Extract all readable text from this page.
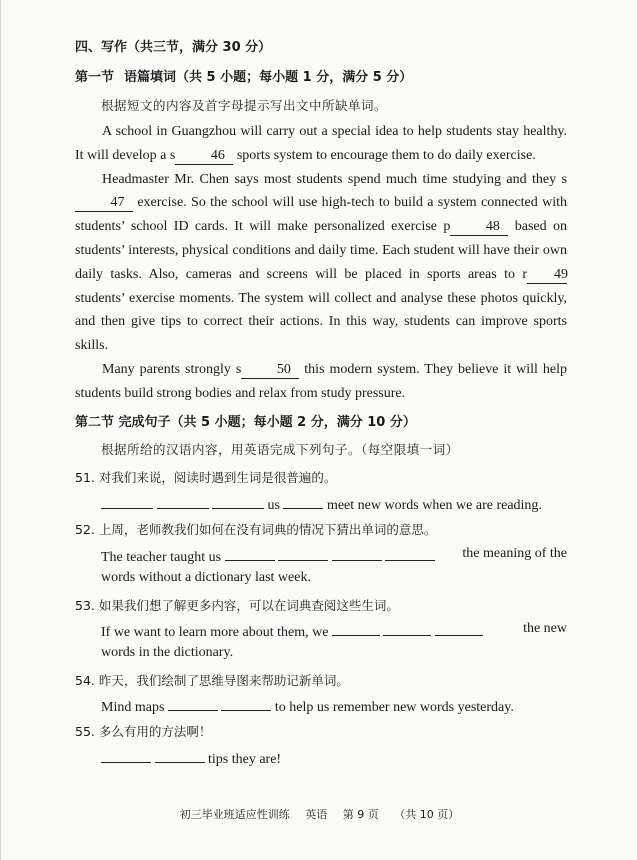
四、写作（共三节，满分 30 分）
第一节 语篇填词（共 5 小题；每小题 1 分，满分 5 分）
根据短文的内容及首字母提示写出文中所缺单词。

A school in Guangzhou will carry out a special idea to help students stay healthy. It will develop a s	46 sports system to encourage them to do daily exercise.

Headmaster Mr. Chen says most students spend much time studying and they s47 exercise. So the school will use high-tech to build a system connected with students’ school ID cards. It will make personalized exercise p	48 based on students’ interests, physical conditions and daily time. Each student will have their own daily tasks. Also, cameras and screens will be placed in sports areas to r 49 students’ exercise moments. The system will collect and analyse these photos quickly, and then give tips to correct their actions. In this way, students can improve sports skills.

Many parents strongly s	50 this modern system. They believe it will help students build strong bodies and relax from study pressure.

第二节 完成句子（共 5 小题；每小题 2 分，满分 10 分）
根据所给的汉语内容，用英语完成下列句子。（每空限填一词）
51. 对我们来说，阅读时遇到生词是很普遍的。
us	meet new words when we are reading.
52. 上周，老师教我们如何在没有词典的情况下猜出单词的意思。
The teacher taught us	the meaning of the
words without a dictionary last week.
53. 如果我们想了解更多内容，可以在词典查阅这些生词。
If we want to learn more about them, we	the new
words in the dictionary.
54. 昨天，我们绘制了思维导图来帮助记新单词。
Mind maps	to help us remember new words yesterday.
55. 多么有用的方法啊！
tips they are!
初三毕业班适应性训练 英语 第 9 页 （共 10 页）
